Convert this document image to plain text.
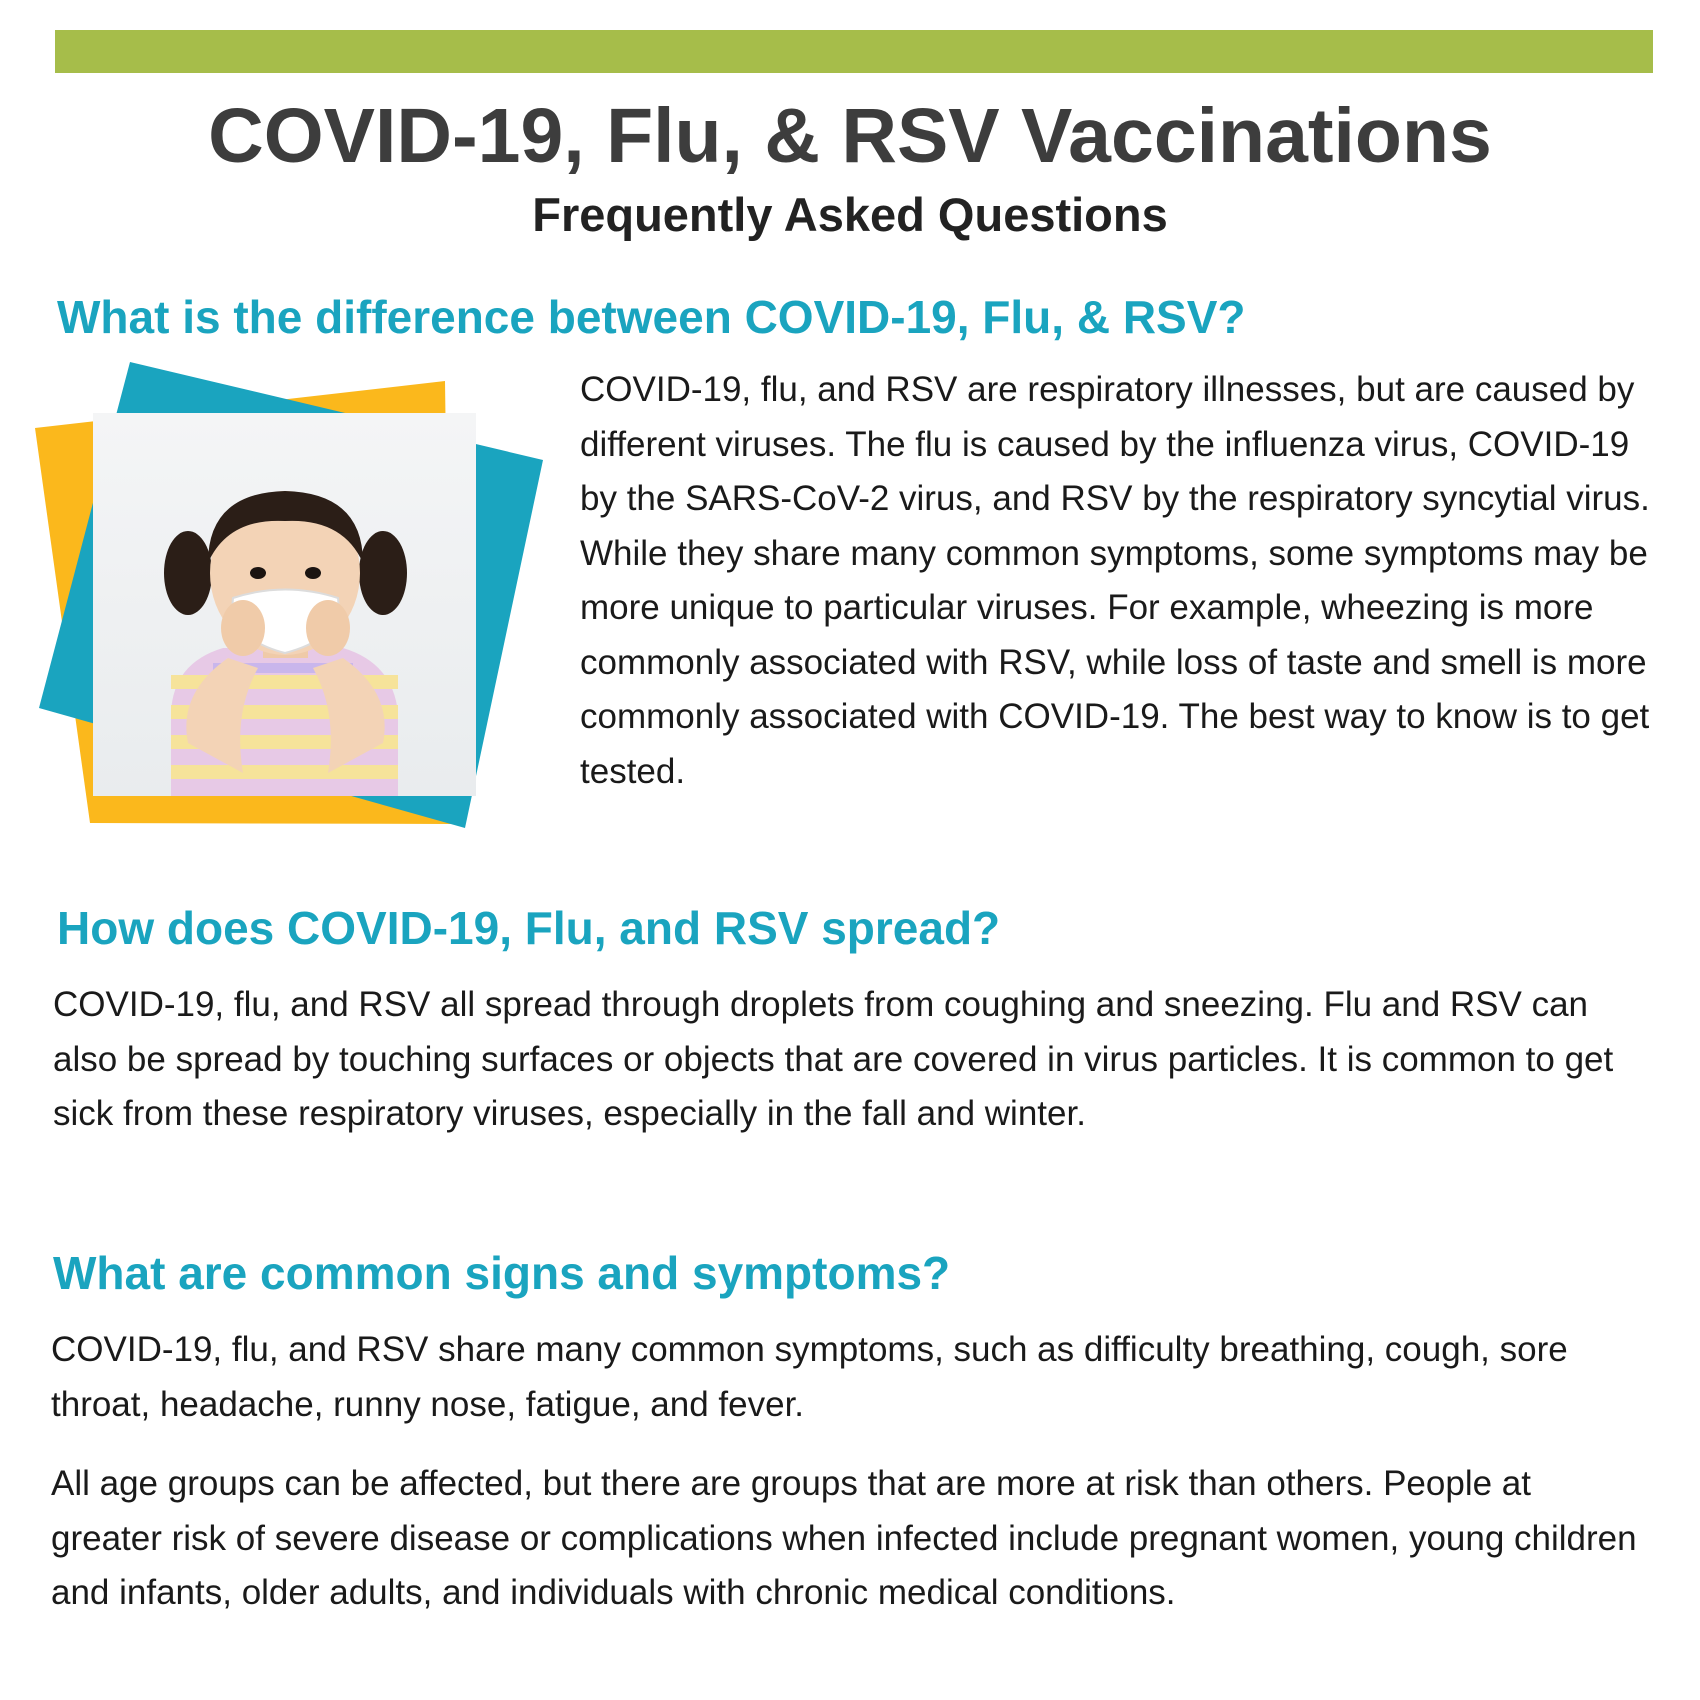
COVID-19, Flu, & RSV Vaccinations
Frequently Asked Questions
What is the difference between COVID-19, Flu, & RSV?

COVID-19, flu, and RSV are respiratory illnesses, but are caused by different viruses. The flu is caused by the influenza virus, COVID-19 by the SARS-CoV-2 virus, and RSV by the respiratory syncytial virus. While they share many common symptoms, some symptoms may be more unique to particular viruses. For example, wheezing is more commonly associated with RSV, while loss of taste and smell is more commonly associated with COVID-19. The best way to know is to get tested.

How does COVID-19, Flu, and RSV spread?

COVID-19, flu, and RSV all spread through droplets from coughing and sneezing. Flu and RSV can also be spread by touching surfaces or objects that are covered in virus particles. It is common to get sick from these respiratory viruses, especially in the fall and winter.

What are common signs and symptoms?

COVID-19, flu, and RSV share many common symptoms, such as difficulty breathing, cough, sore throat, headache, runny nose, fatigue, and fever.

All age groups can be affected, but there are groups that are more at risk than others. People at greater risk of severe disease or complications when infected include pregnant women, young children and infants, older adults, and individuals with chronic medical conditions.
